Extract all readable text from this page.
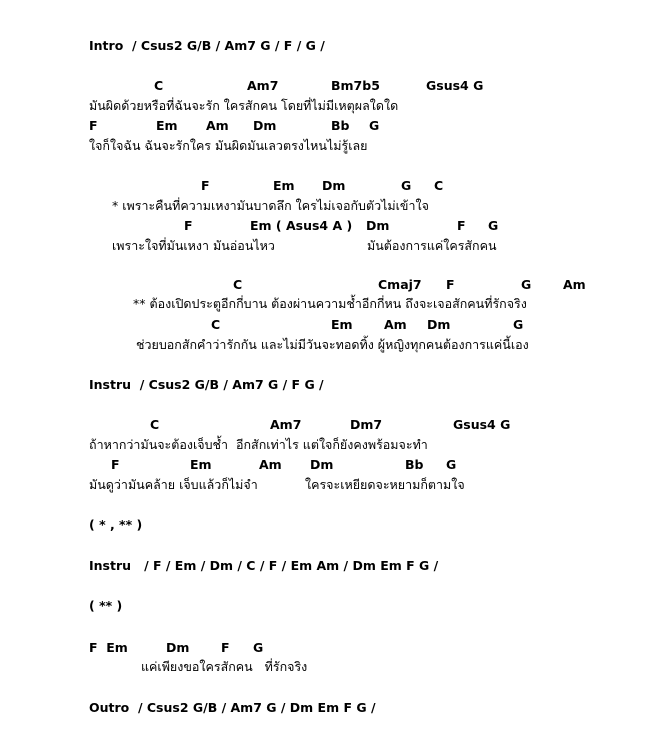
Intro  / Csus2 G/B / Am7 G / F / G /
C	Am7	Bm7b5	Gsus4 G
มันผิดด้วยหรือที่ฉันจะรัก ใครสักคน โดยที่ไม่มีเหตุผลใดใด
F	Em Am Dm	Bb G
ใจก็ใจฉัน ฉันจะรักใคร มันผิดมันเลวตรงไหนไม่รู้เลย
F	Em Dm	G C
* เพราะคืนที่ความเหงามันบาดลึก ใครไม่เจอกับตัวไม่เข้าใจ
F	Em ( Asus4 A ) Dm	F G
เพราะใจที่มันเหงา มันอ่อนไหว	มันต้องการแค่ใครสักคน
C	Cmaj7 F	G	Am
** ต้องเปิดประตูอีกกี่บาน ต้องผ่านความช้ำอีกกี่หน ถึงจะเจอสักคนที่รักจริง
C	Em	Am Dm	G
ช่วยบอกสักคำว่ารักกัน และไม่มีวันจะทอดทิ้ง ผู้หญิงทุกคนต้องการแค่นี้เอง
Instru  / Csus2 G/B / Am7 G / F G /
C	Am7	Dm7	Gsus4 G
ถ้าหากว่ามันจะต้องเจ็บช้ำ  อีกสักเท่าไร แต่ใจก็ยังคงพร้อมจะทำ
F	Em	Am Dm	Bb G
มันดูว่ามันคล้าย เจ็บแล้วก็ไม่จำ	ใครจะเหยียดจะหยามก็ตามใจ
( * , ** )
Instru   / F / Em / Dm / C / F / Em Am / Dm Em F G /
( ** )
F  Em	Dm	F G
แค่เพียงขอใครสักคน   ที่รักจริง
Outro  / Csus2 G/B / Am7 G / Dm Em F G /
